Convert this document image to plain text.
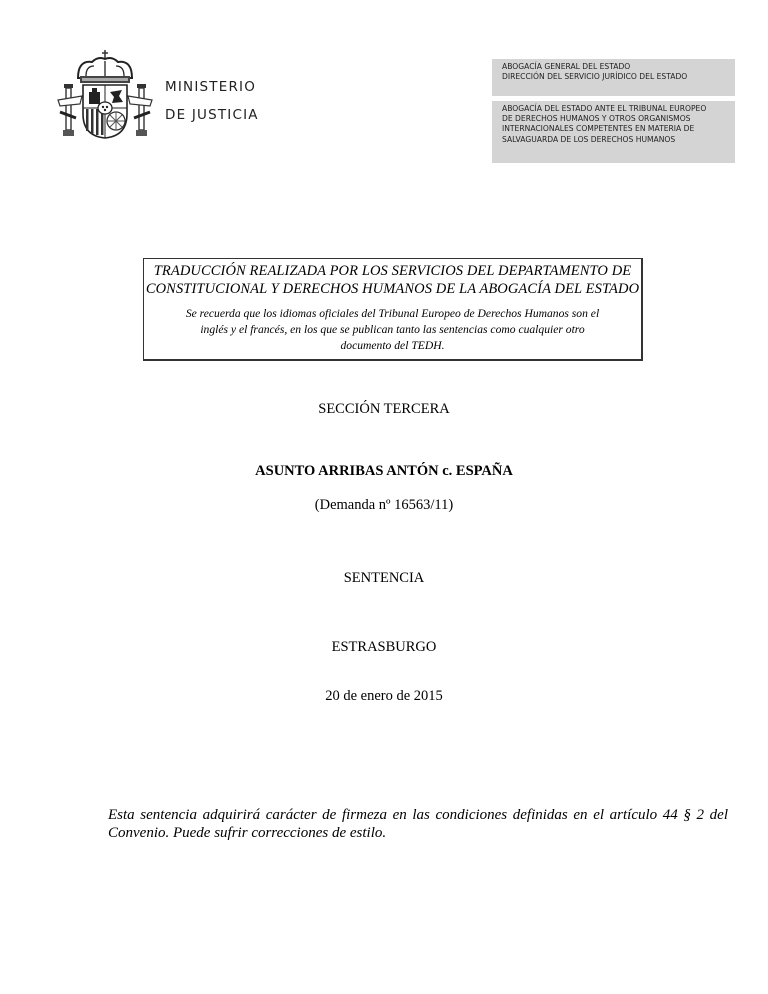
MINISTERIO
DE JUSTICIA
ABOGACÍA GENERAL DEL ESTADO
DIRECCIÓN DEL SERVICIO JURÍDICO DEL ESTADO
ABOGACÍA DEL ESTADO ANTE EL TRIBUNAL EUROPEO
DE DERECHOS HUMANOS Y OTROS ORGANISMOS
INTERNACIONALES COMPETENTES EN MATERIA DE
SALVAGUARDA DE LOS DERECHOS HUMANOS
TRADUCCIÓN REALIZADA POR LOS SERVICIOS DEL DEPARTAMENTO DE
CONSTITUCIONAL Y DERECHOS HUMANOS DE LA ABOGACÍA DEL ESTADO
Se recuerda que los idiomas oficiales del Tribunal Europeo de Derechos Humanos son el
inglés y el francés, en los que se publican tanto las sentencias como cualquier otro
documento del TEDH.
SECCIÓN TERCERA
ASUNTO ARRIBAS ANTÓN c. ESPAÑA
(Demanda nº 16563/11)
SENTENCIA
ESTRASBURGO
20 de enero de 2015
Esta sentencia adquirirá carácter de firmeza en las condiciones definidas en el artículo 44 § 2 del Convenio. Puede sufrir correcciones de estilo.
